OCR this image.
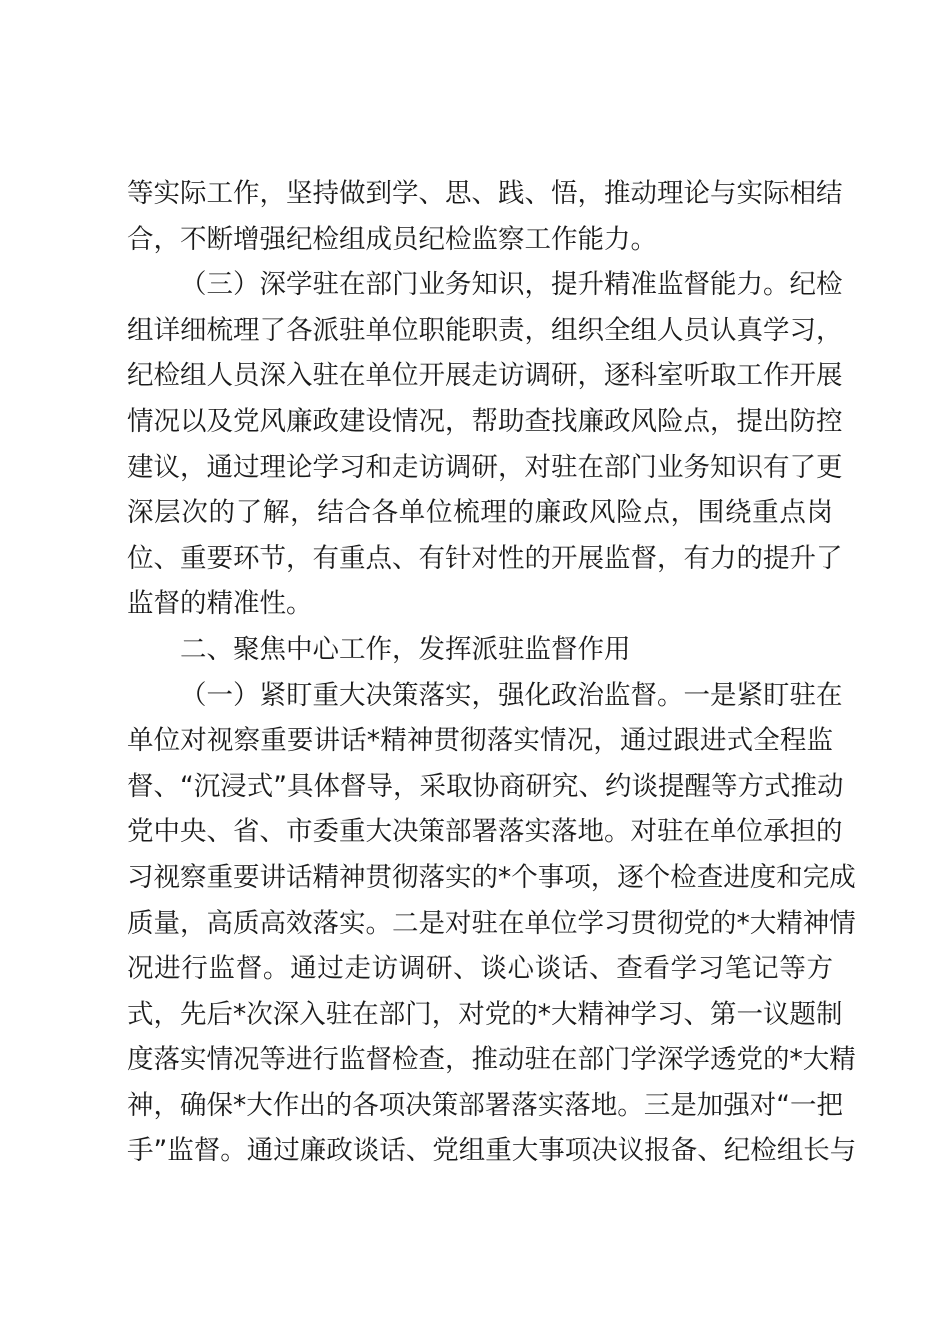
等实际工作，坚持做到学、思、践、悟，推动理论与实际相结
合，不断增强纪检组成员纪检监察工作能力。
（三）深学驻在部门业务知识，提升精准监督能力。纪检
组详细梳理了各派驻单位职能职责，组织全组人员认真学习，
纪检组人员深入驻在单位开展走访调研，逐科室听取工作开展
情况以及党风廉政建设情况，帮助查找廉政风险点，提出防控
建议，通过理论学习和走访调研，对驻在部门业务知识有了更
深层次的了解，结合各单位梳理的廉政风险点，围绕重点岗
位、重要环节，有重点、有针对性的开展监督，有力的提升了
监督的精准性。
二、聚焦中心工作，发挥派驻监督作用
（一）紧盯重大决策落实，强化政治监督。一是紧盯驻在
单位对视察重要讲话*精神贯彻落实情况，通过跟进式全程监
督、“沉浸式”具体督导，采取协商研究、约谈提醒等方式推动
党中央、省、市委重大决策部署落实落地。对驻在单位承担的
习视察重要讲话精神贯彻落实的*个事项，逐个检查进度和完成
质量，高质高效落实。二是对驻在单位学习贯彻党的*大精神情
况进行监督。通过走访调研、谈心谈话、查看学习笔记等方
式，先后*次深入驻在部门，对党的*大精神学习、第一议题制
度落实情况等进行监督检查，推动驻在部门学深学透党的*大精
神，确保*大作出的各项决策部署落实落地。三是加强对“一把
手”监督。通过廉政谈话、党组重大事项决议报备、纪检组长与
